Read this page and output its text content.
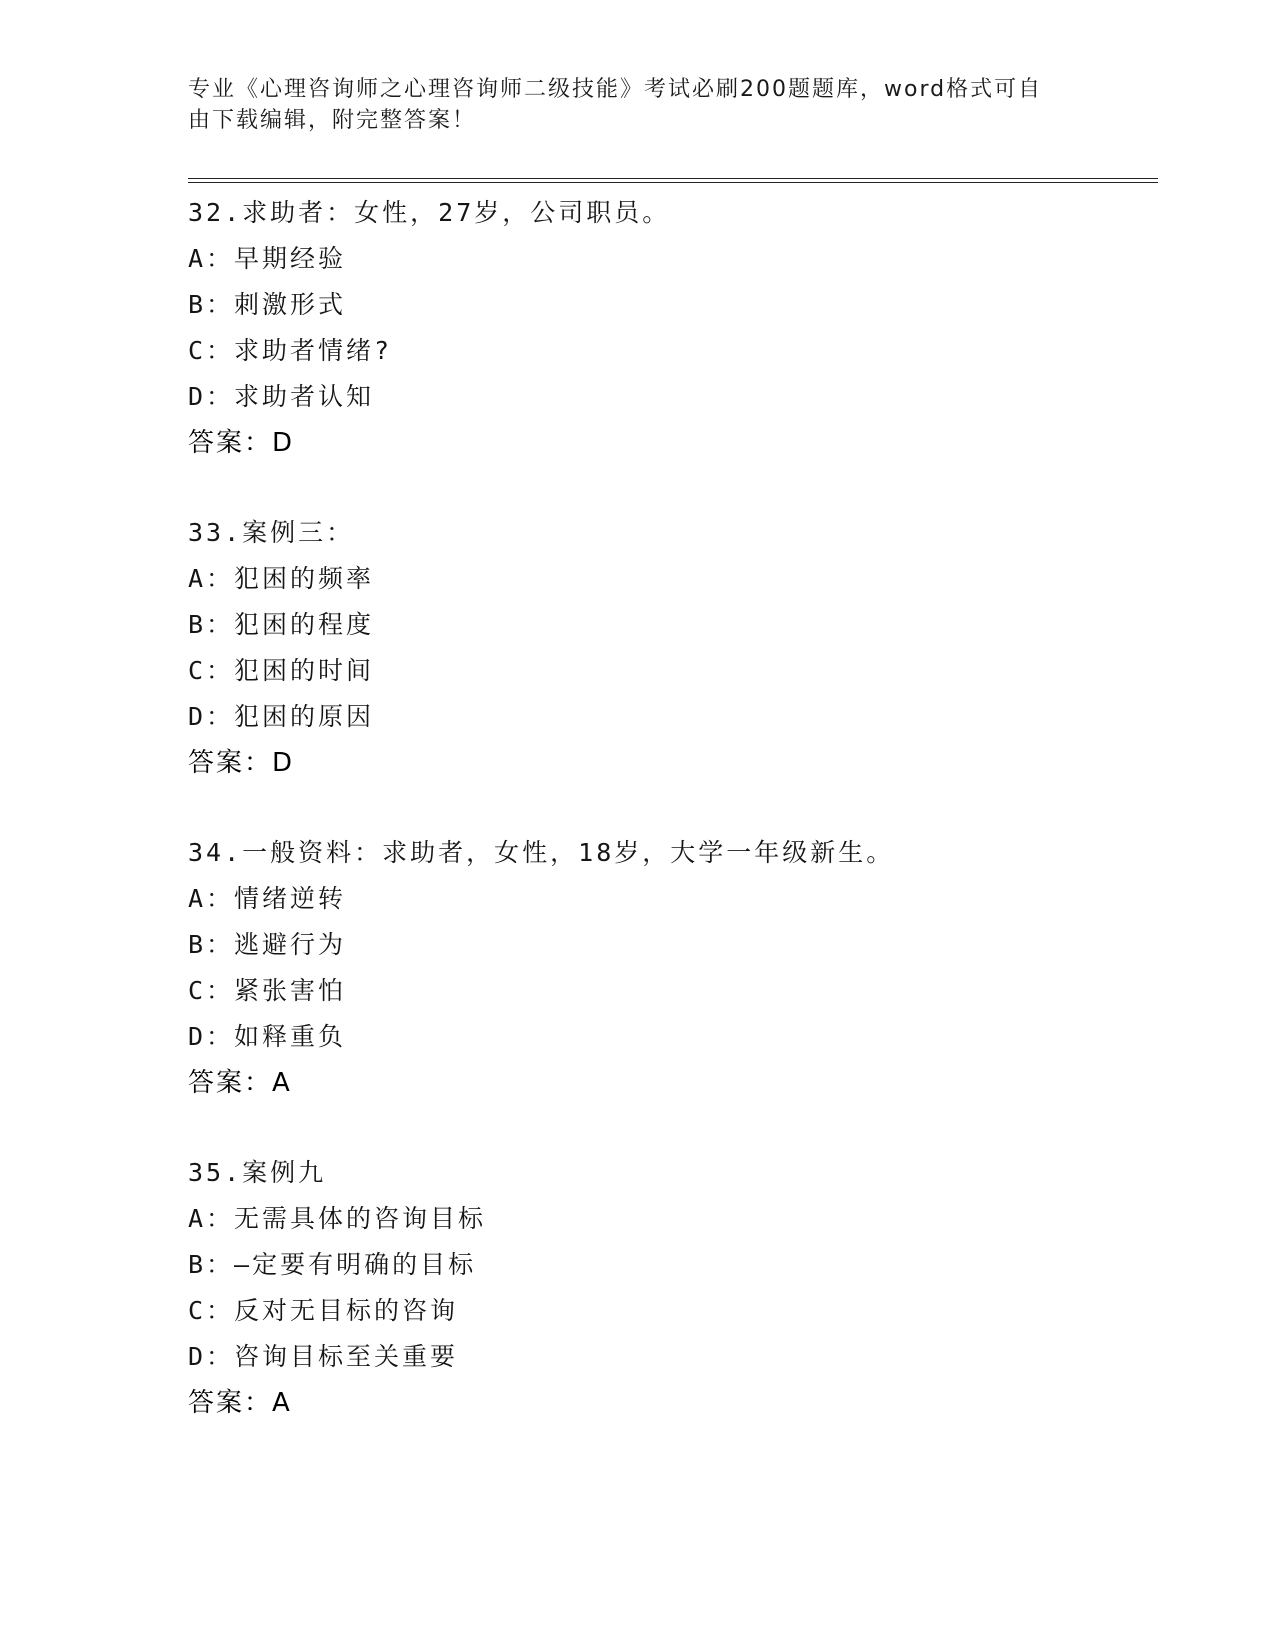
专业《心理咨询师之心理咨询师二级技能》考试必刷200题题库，word格式可自
由下载编辑，附完整答案！
32.求助者：女性，27岁，公司职员。
A：早期经验
B：刺激形式
C：求助者情绪?
D：求助者认知
答案：D
33.案例三：
A：犯困的频率
B：犯困的程度
C：犯困的时间
D：犯困的原因
答案：D
34.一般资料：求助者，女性，18岁，大学一年级新生。
A：情绪逆转
B：逃避行为
C：紧张害怕
D：如释重负
答案：A
35.案例九
A：无需具体的咨询目标
B：—定要有明确的目标
C：反对无目标的咨询
D：咨询目标至关重要
答案：A
